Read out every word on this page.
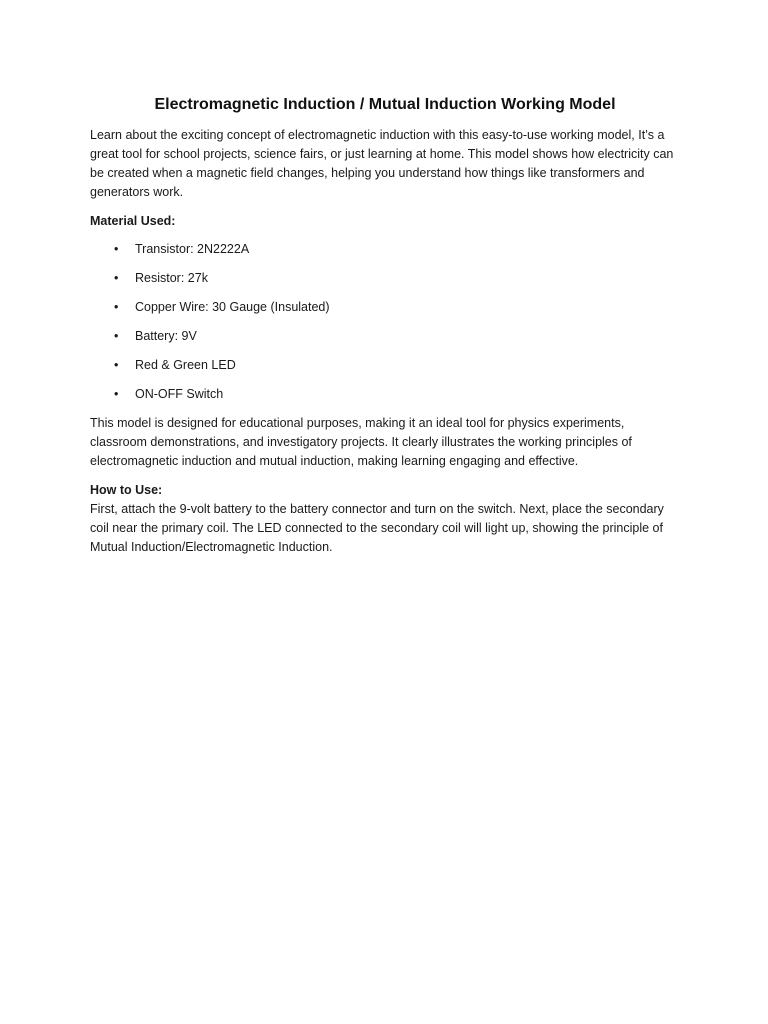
Electromagnetic Induction / Mutual Induction Working Model

Learn about the exciting concept of electromagnetic induction with this easy-to-use working model, It’s a great tool for school projects, science fairs, or just learning at home. This model shows how electricity can be created when a magnetic field changes, helping you understand how things like transformers and generators work.

Material Used:

• Transistor: 2N2222A
• Resistor: 27k
• Copper Wire: 30 Gauge (Insulated)
• Battery: 9V
• Red & Green LED
• ON-OFF Switch

This model is designed for educational purposes, making it an ideal tool for physics experiments, classroom demonstrations, and investigatory projects. It clearly illustrates the working principles of electromagnetic induction and mutual induction, making learning engaging and effective.

How to Use:

First, attach the 9-volt battery to the battery connector and turn on the switch. Next, place the secondary coil near the primary coil. The LED connected to the secondary coil will light up, showing the principle of Mutual Induction/Electromagnetic Induction.
